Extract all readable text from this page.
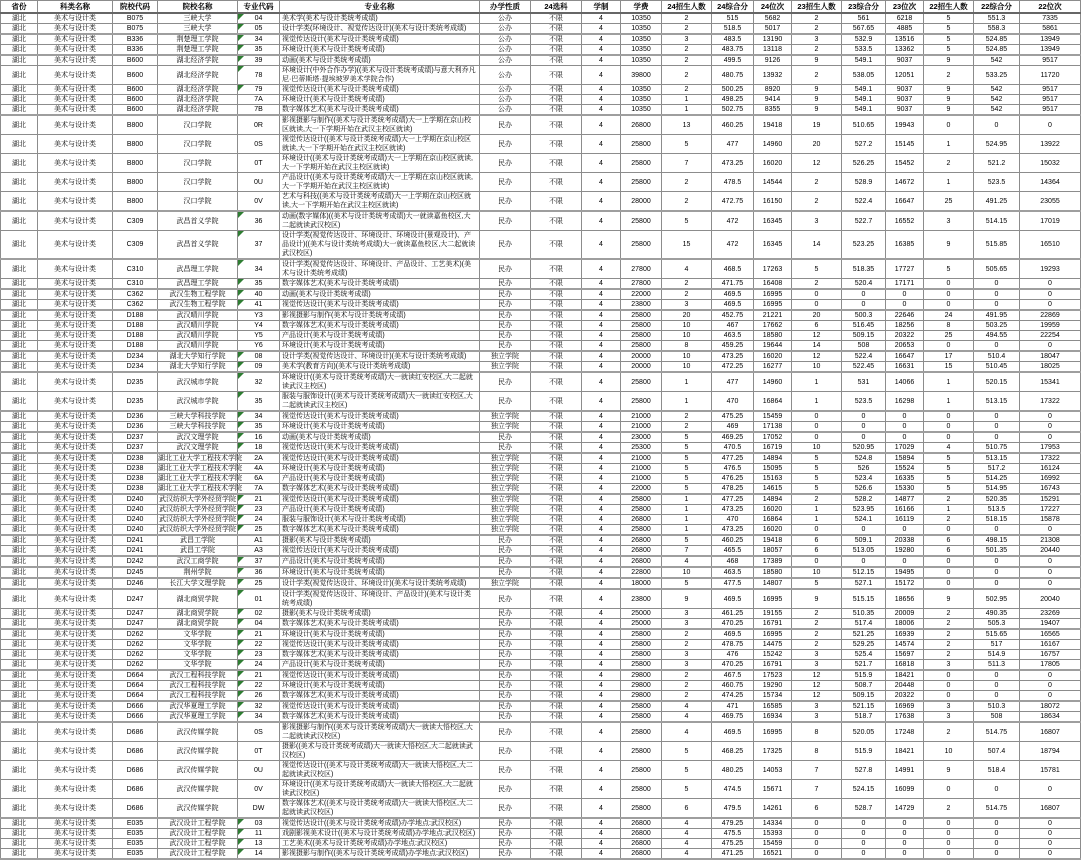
省份	科类名称	院校代码	院校名称	专业代码	专业名称	办学性质	24选科	学制	学费	24招生人数	24综合分	24位次	23招生人数	23综合分	23位次	22招生人数	22综合分	22位次
湖北	美术与设计类	B075	三峡大学	04	美术学(美术与设计类统考成绩)	公办	不限	4	10350	2	515	5682	2	561	6218	5	551.3	7335
湖北	美术与设计类	B075	三峡大学	05	设计学类(环境设计、视觉传达设计)(美术与设计类统考成绩)	公办	不限	4	10350	2	518.5	5017	2	567.65	4885	5	558.3	5861
湖北	美术与设计类	B336	荆楚理工学院	34	视觉传达设计(美术与设计类统考成绩)	公办	不限	4	10350	3	483.5	13190	3	532.9	13516	5	524.85	13949
湖北	美术与设计类	B336	荆楚理工学院	35	环境设计(美术与设计类统考成绩)	公办	不限	4	10350	2	483.75	13118	2	533.5	13362	5	524.85	13949
湖北	美术与设计类	B600	湖北经济学院	39	动画(美术与设计类统考成绩)	公办	不限	4	10350	2	499.5	9126	9	549.1	9037	9	542	9517
湖北	美术与设计类	B600	湖北经济学院	78	环境设计(中外合作办学)((美术与设计类统考成绩)与意大利乔凡尼·巴蒂斯塔·提埃坡罗美术学院合作)	公办	不限	4	39800	2	480.75	13932	2	538.05	12051	2	533.25	11720
湖北	美术与设计类	B600	湖北经济学院	79	视觉传达设计(美术与设计类统考成绩)	公办	不限	4	10350	2	500.25	8920	9	549.1	9037	9	542	9517
湖北	美术与设计类	B600	湖北经济学院	7A	环境设计(美术与设计类统考成绩)	公办	不限	4	10350	1	498.25	9414	9	549.1	9037	9	542	9517
湖北	美术与设计类	B600	湖北经济学院	7B	数字媒体艺术(美术与设计类统考成绩)	公办	不限	4	10350	1	502.75	8355	9	549.1	9037	9	542	9517
湖北	美术与设计类	B800	汉口学院	0R	影视摄影与制作((美术与设计类统考成绩)大一上学期在京山校区就读,大一下学期开始在武汉主校区就读)	民办	不限	4	26800	13	460.25	19418	19	510.65	19943	0	0	0
湖北	美术与设计类	B800	汉口学院	0S	视觉传达设计((美术与设计类统考成绩)大一上学期在京山校区就读,大一下学期开始在武汉主校区就读)	民办	不限	4	25800	5	477	14960	20	527.2	15145	1	524.95	13922
湖北	美术与设计类	B800	汉口学院	0T	环境设计((美术与设计类统考成绩)大一上学期在京山校区就读,大一下学期开始在武汉主校区就读)	民办	不限	4	25800	7	473.25	16020	12	526.25	15452	2	521.2	15032
湖北	美术与设计类	B800	汉口学院	0U	产品设计((美术与设计类统考成绩)大一上学期在京山校区就读,大一下学期开始在武汉主校区就读)	民办	不限	4	25800	2	478.5	14544	2	528.9	14672	1	523.5	14364
湖北	美术与设计类	B800	汉口学院	0V	艺术与科技((美术与设计类统考成绩)大一上学期在京山校区就读,大一下学期开始在武汉主校区就读)	民办	不限	4	28000	2	472.75	16150	2	522.4	16647	25	491.25	23055
湖北	美术与设计类	C309	武昌首义学院	36	动画(数字媒体)((美术与设计类统考成绩)大一就读嘉鱼校区,大二起就读武汉校区)	民办	不限	4	25800	5	472	16345	3	522.7	16552	3	514.15	17019
湖北	美术与设计类	C309	武昌首义学院	37	设计学类(视觉传达设计、环境设计、环境设计(景观设计)、产品设计)((美术与设计类统考成绩)大一就读嘉鱼校区,大二起就读武汉校区)	民办	不限	4	25800	15	472	16345	14	523.25	16385	9	515.85	16510
湖北	美术与设计类	C310	武昌理工学院	34	设计学类(视觉传达设计、环境设计、产品设计、工艺美术)(美术与设计类统考成绩)	民办	不限	4	27800	4	468.5	17263	5	518.35	17727	5	505.65	19293
湖北	美术与设计类	C310	武昌理工学院	35	数字媒体艺术(美术与设计类统考成绩)	民办	不限	4	27800	2	471.75	16408	2	520.4	17171	0	0	0
湖北	美术与设计类	C362	武汉生物工程学院	40	动画(美术与设计类统考成绩)	民办	不限	4	22000	2	469.5	16995	0	0	0	0	0	0
湖北	美术与设计类	C362	武汉生物工程学院	41	视觉传达设计(美术与设计类统考成绩)	民办	不限	4	23800	3	469.5	16995	0	0	0	0	0	0
湖北	美术与设计类	D188	武汉晴川学院	Y3	影视摄影与制作(美术与设计类统考成绩)	民办	不限	4	25800	20	452.75	21221	20	500.3	22646	24	491.95	22869
湖北	美术与设计类	D188	武汉晴川学院	Y4	数字媒体艺术(美术与设计类统考成绩)	民办	不限	4	25800	10	467	17662	6	516.45	18256	8	503.25	19959
湖北	美术与设计类	D188	武汉晴川学院	Y5	产品设计(美术与设计类统考成绩)	民办	不限	4	25800	10	463.5	18580	12	509.15	20322	25	494.55	22254
湖北	美术与设计类	D188	武汉晴川学院	Y6	环境设计(美术与设计类统考成绩)	民办	不限	4	25800	8	459.25	19644	14	508	20653	0	0	0
湖北	美术与设计类	D234	湖北大学知行学院	08	设计学类(视觉传达设计、环境设计)(美术与设计类统考成绩)	独立学院	不限	4	20000	10	473.25	16020	12	522.4	16647	17	510.4	18047
湖北	美术与设计类	D234	湖北大学知行学院	09	美术学(教育方向)(美术与设计类统考成绩)	独立学院	不限	4	20000	10	472.25	16277	10	522.45	16631	15	510.45	18025
湖北	美术与设计类	D235	武汉城市学院	32	环境设计((美术与设计类统考成绩)大一就读红安校区,大二起就读武汉主校区)	民办	不限	4	25800	1	477	14960	1	531	14066	1	520.15	15341
湖北	美术与设计类	D235	武汉城市学院	35	服装与服饰设计((美术与设计类统考成绩)大一就读红安校区,大二起就读武汉主校区)	民办	不限	4	25800	1	470	16864	1	523.5	16298	1	513.15	17322
湖北	美术与设计类	D236	三峡大学科技学院	34	视觉传达设计(美术与设计类统考成绩)	独立学院	不限	4	21000	2	475.25	15459	0	0	0	0	0	0
湖北	美术与设计类	D236	三峡大学科技学院	35	环境设计(美术与设计类统考成绩)	独立学院	不限	4	21000	2	469	17138	0	0	0	0	0	0
湖北	美术与设计类	D237	武汉文理学院	16	动画(美术与设计类统考成绩)	民办	不限	4	23000	5	469.25	17052	0	0	0	0	0	0
湖北	美术与设计类	D237	武汉文理学院	18	视觉传达设计(美术与设计类统考成绩)	民办	不限	4	25300	5	470.5	16719	10	520.95	17029	4	510.75	17953
湖北	美术与设计类	D238	湖北工业大学工程技术学院	2A	视觉传达设计(美术与设计类统考成绩)	独立学院	不限	4	21000	5	477.25	14894	5	524.8	15894	5	513.15	17322
湖北	美术与设计类	D238	湖北工业大学工程技术学院	4A	环境设计(美术与设计类统考成绩)	独立学院	不限	4	21000	5	476.5	15095	5	526	15524	5	517.2	16124
湖北	美术与设计类	D238	湖北工业大学工程技术学院	6A	产品设计(美术与设计类统考成绩)	独立学院	不限	4	21000	5	476.25	15163	5	523.4	16335	5	514.25	16992
湖北	美术与设计类	D238	湖北工业大学工程技术学院	7A	数字媒体艺术(美术与设计类统考成绩)	独立学院	不限	4	22000	5	478.25	14615	5	526.6	15330	5	514.95	16743
湖北	美术与设计类	D240	武汉纺织大学外经贸学院	21	视觉传达设计(美术与设计类统考成绩)	独立学院	不限	4	25800	1	477.25	14894	2	528.2	14877	2	520.35	15291
湖北	美术与设计类	D240	武汉纺织大学外经贸学院	23	产品设计(美术与设计类统考成绩)	独立学院	不限	4	25800	1	473.25	16020	1	523.95	16166	1	513.5	17227
湖北	美术与设计类	D240	武汉纺织大学外经贸学院	24	服装与服饰设计(美术与设计类统考成绩)	独立学院	不限	4	26800	1	470	16864	1	524.1	16119	2	518.15	15878
湖北	美术与设计类	D240	武汉纺织大学外经贸学院	25	数字媒体艺术(美术与设计类统考成绩)	独立学院	不限	4	25800	1	473.25	16020	0	0	0	0	0	0
湖北	美术与设计类	D241	武昌工学院	A1	摄影(美术与设计类统考成绩)	民办	不限	4	26800	5	460.25	19418	6	509.1	20338	6	498.15	21308
湖北	美术与设计类	D241	武昌工学院	A3	视觉传达设计(美术与设计类统考成绩)	民办	不限	4	26800	7	465.5	18057	6	513.05	19280	6	501.35	20440
湖北	美术与设计类	D242	武汉工商学院	37	产品设计(美术与设计类统考成绩)	民办	不限	4	26800	4	468	17389	0	0	0	0	0	0
湖北	美术与设计类	D245	荆州学院	36	环境设计(美术与设计类统考成绩)	民办	不限	4	22800	10	463.5	18580	10	512.15	19495	0	0	0
湖北	美术与设计类	D246	长江大学文理学院	25	设计学类(视觉传达设计、环境设计)(美术与设计类统考成绩)	独立学院	不限	4	18000	5	477.5	14807	5	527.1	15172	0	0	0
湖北	美术与设计类	D247	湖北商贸学院	01	设计学类(视觉传达设计、环境设计、产品设计)(美术与设计类统考成绩)	民办	不限	4	23800	9	469.5	16995	9	515.15	18656	9	502.95	20040
湖北	美术与设计类	D247	湖北商贸学院	02	摄影(美术与设计类统考成绩)	民办	不限	4	25000	3	461.25	19155	2	510.35	20009	2	490.35	23269
湖北	美术与设计类	D247	湖北商贸学院	04	数字媒体艺术(美术与设计类统考成绩)	民办	不限	4	25000	3	470.25	16791	2	517.4	18006	2	505.3	19407
湖北	美术与设计类	D262	文华学院	21	环境设计(美术与设计类统考成绩)	民办	不限	4	25800	2	469.5	16995	2	521.25	16939	2	515.65	16565
湖北	美术与设计类	D262	文华学院	22	视觉传达设计(美术与设计类统考成绩)	民办	不限	4	25800	2	478.75	14475	2	529.25	14574	2	517	16167
湖北	美术与设计类	D262	文华学院	23	数字媒体艺术(美术与设计类统考成绩)	民办	不限	4	25800	3	476	15242	3	525.4	15697	2	514.9	16757
湖北	美术与设计类	D262	文华学院	24	产品设计(美术与设计类统考成绩)	民办	不限	4	25800	3	470.25	16791	3	521.7	16818	3	511.3	17805
湖北	美术与设计类	D664	武汉工程科技学院	21	视觉传达设计(美术与设计类统考成绩)	民办	不限	4	29800	2	467.5	17523	12	515.9	18421	0	0	0
湖北	美术与设计类	D664	武汉工程科技学院	22	环境设计(美术与设计类统考成绩)	民办	不限	4	29800	2	460.75	19290	12	508.7	20448	0	0	0
湖北	美术与设计类	D664	武汉工程科技学院	26	数字媒体艺术(美术与设计类统考成绩)	民办	不限	4	29800	2	474.25	15734	12	509.15	20322	0	0	0
湖北	美术与设计类	D666	武汉华夏理工学院	32	视觉传达设计(美术与设计类统考成绩)	民办	不限	4	25800	4	471	16585	3	521.15	16969	3	510.3	18072
湖北	美术与设计类	D666	武汉华夏理工学院	34	数字媒体艺术(美术与设计类统考成绩)	民办	不限	4	25800	4	469.75	16934	3	518.7	17638	3	508	18634
湖北	美术与设计类	D686	武汉传媒学院	0S	影视摄影与制作((美术与设计类统考成绩)大一就读大悟校区,大二起就读武汉校区)	民办	不限	4	25800	4	469.5	16995	8	520.05	17248	2	514.75	16807
湖北	美术与设计类	D686	武汉传媒学院	0T	摄影((美术与设计类统考成绩)大一就读大悟校区,大二起就读武汉校区)	民办	不限	4	25800	5	468.25	17325	8	515.9	18421	10	507.4	18794
湖北	美术与设计类	D686	武汉传媒学院	0U	视觉传达设计((美术与设计类统考成绩)大一就读大悟校区,大二起就读武汉校区)	民办	不限	4	25800	5	480.25	14053	7	527.8	14991	9	518.4	15781
湖北	美术与设计类	D686	武汉传媒学院	0V	环境设计((美术与设计类统考成绩)大一就读大悟校区,大二起就读武汉校区)	民办	不限	4	25800	5	474.5	15671	7	524.15	16099	0	0	0
湖北	美术与设计类	D686	武汉传媒学院	DW	数字媒体艺术((美术与设计类统考成绩)大一就读大悟校区,大二起就读武汉校区)	民办	不限	4	25800	6	479.5	14261	6	528.7	14729	2	514.75	16807
湖北	美术与设计类	E035	武汉设计工程学院	03	视觉传达设计((美术与设计类统考成绩)办学地点:武汉校区)	民办	不限	4	26800	4	479.25	14334	0	0	0	0	0	0
湖北	美术与设计类	E035	武汉设计工程学院	11	戏剧影视美术设计((美术与设计类统考成绩)办学地点:武汉校区)	民办	不限	4	26800	4	475.5	15393	0	0	0	0	0	0
湖北	美术与设计类	E035	武汉设计工程学院	13	工艺美术((美术与设计类统考成绩)办学地点:武汉校区)	民办	不限	4	26800	4	475.25	15459	0	0	0	0	0	0
湖北	美术与设计类	E035	武汉设计工程学院	14	影视摄影与制作((美术与设计类统考成绩)办学地点:武汉校区)	民办	不限	4	26800	4	471.25	16521	0	0	0	0	0	0
